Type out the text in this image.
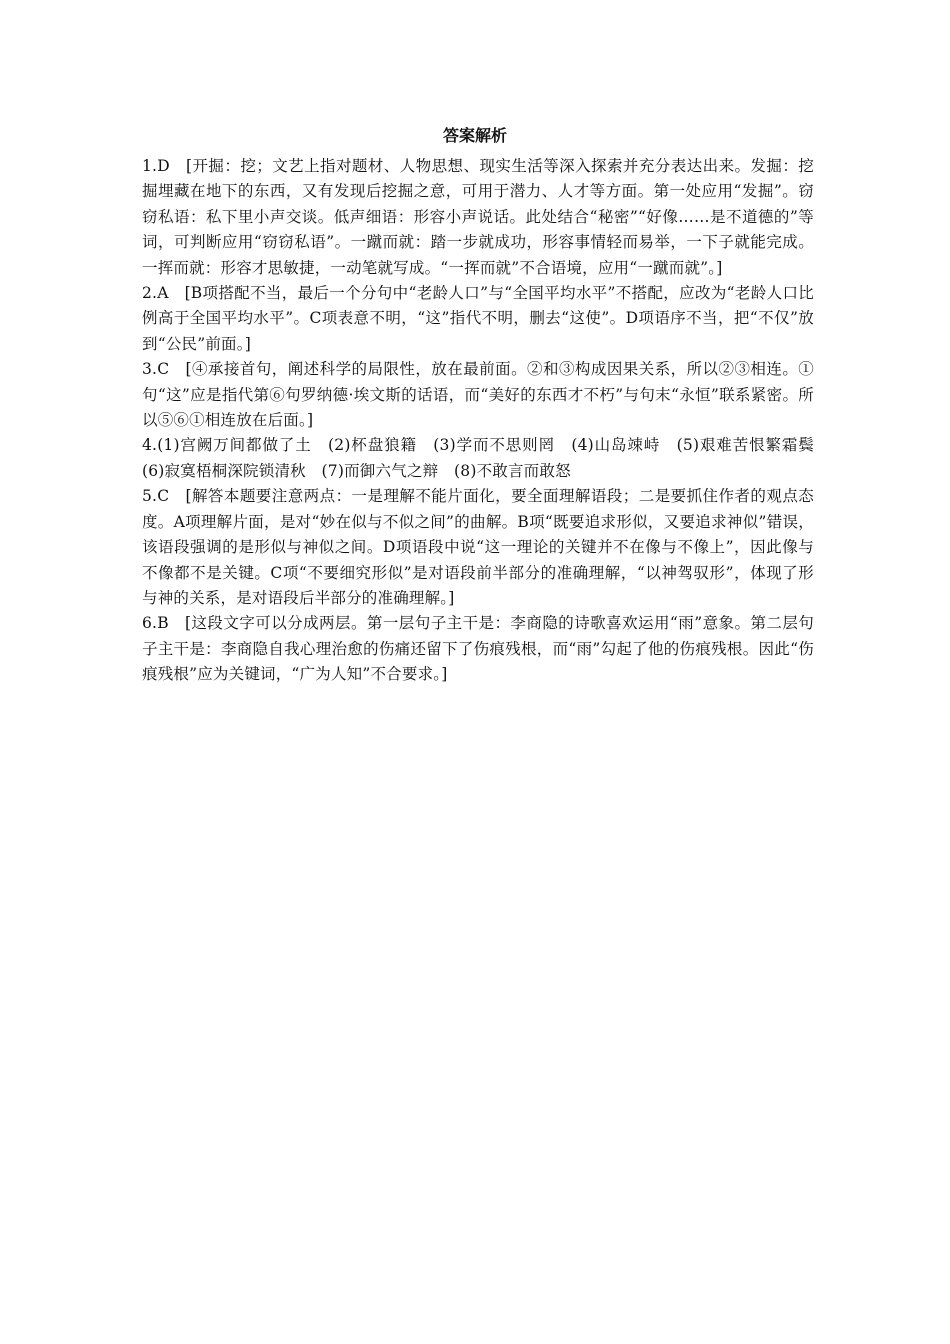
答案解析

1.D　[开掘：挖；文艺上指对题材、人物思想、现实生活等深入探索并充分表达出来。发掘：挖掘埋藏在地下的东西，又有发现后挖掘之意，可用于潜力、人才等方面。第一处应用“发掘”。窃窃私语：私下里小声交谈。低声细语：形容小声说话。此处结合“秘密”“好像……是不道德的”等词，可判断应用“窃窃私语”。一蹴而就：踏一步就成功，形容事情轻而易举，一下子就能完成。一挥而就：形容才思敏捷，一动笔就写成。“一挥而就”不合语境，应用“一蹴而就”。]

2.A　[B项搭配不当，最后一个分句中“老龄人口”与“全国平均水平”不搭配，应改为“老龄人口比例高于全国平均水平”。C项表意不明，“这”指代不明，删去“这使”。D项语序不当，把“不仅”放到“公民”前面。]

3.C　[④承接首句，阐述科学的局限性，放在最前面。②和③构成因果关系，所以②③相连。①句“这”应是指代第⑥句罗纳德·埃文斯的话语，而“美好的东西才不朽”与句末“永恒”联系紧密。所以⑤⑥①相连放在后面。]

4.(1)宫阙万间都做了土　(2)杯盘狼籍　(3)学而不思则罔　(4)山岛竦峙　(5)艰难苦恨繁霜鬓　(6)寂寞梧桐深院锁清秋　(7)而御六气之辩　(8)不敢言而敢怒

5.C　[解答本题要注意两点：一是理解不能片面化，要全面理解语段；二是要抓住作者的观点态度。A项理解片面，是对“妙在似与不似之间”的曲解。B项“既要追求形似，又要追求神似”错误，该语段强调的是形似与神似之间。D项语段中说“这一理论的关键并不在像与不像上”，因此像与不像都不是关键。C项“不要细究形似”是对语段前半部分的准确理解，“以神驾驭形”，体现了形与神的关系，是对语段后半部分的准确理解。]

6.B　[这段文字可以分成两层。第一层句子主干是：李商隐的诗歌喜欢运用“雨”意象。第二层句子主干是：李商隐自我心理治愈的伤痛还留下了伤痕残根，而“雨”勾起了他的伤痕残根。因此“伤痕残根”应为关键词，“广为人知”不合要求。]
